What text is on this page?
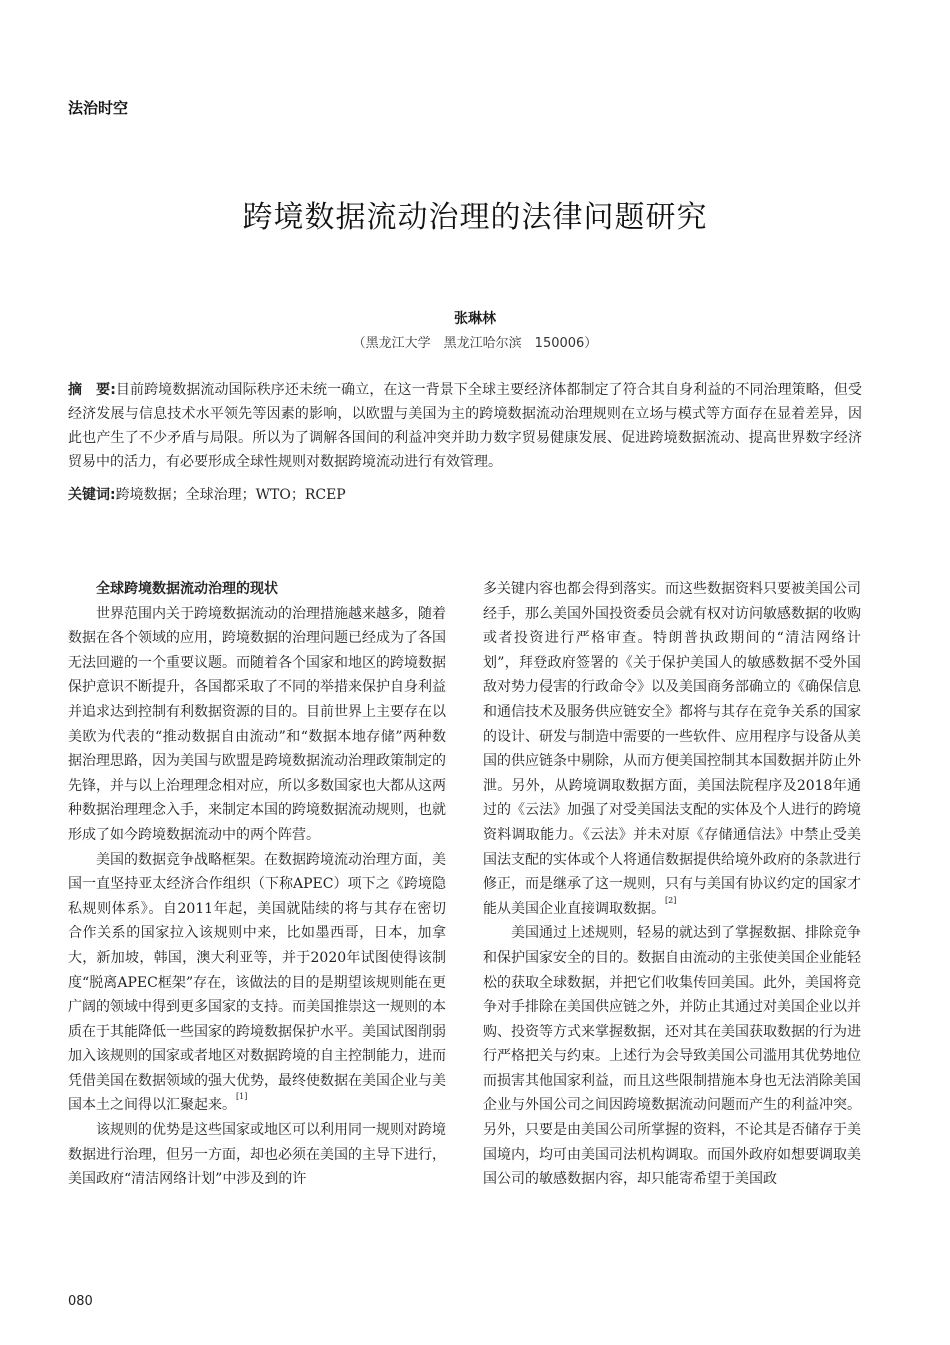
法治时空
跨境数据流动治理的法律问题研究
张琳林
（黑龙江大学　黑龙江哈尔滨　150006）
摘　要:目前跨境数据流动国际秩序还未统一确立，在这一背景下全球主要经济体都制定了符合其自身利益的不同治理策略，但受经济发展与信息技术水平领先等因素的影响，以欧盟与美国为主的跨境数据流动治理规则在立场与模式等方面存在显着差异，因此也产生了不少矛盾与局限。所以为了调解各国间的利益冲突并助力数字贸易健康发展、促进跨境数据流动、提高世界数字经济贸易中的活力，有必要形成全球性规则对数据跨境流动进行有效管理。
关键词:跨境数据；全球治理；WTO；RCEP
全球跨境数据流动治理的现状

世界范围内关于跨境数据流动的治理措施越来越多，随着数据在各个领域的应用，跨境数据的治理问题已经成为了各国无法回避的一个重要议题。而随着各个国家和地区的跨境数据保护意识不断提升，各国都采取了不同的举措来保护自身利益并追求达到控制有利数据资源的目的。目前世界上主要存在以美欧为代表的“推动数据自由流动”和“数据本地存储”两种数据治理思路，因为美国与欧盟是跨境数据流动治理政策制定的先锋，并与以上治理理念相对应，所以多数国家也大都从这两种数据治理理念入手，来制定本国的跨境数据流动规则，也就形成了如今跨境数据流动中的两个阵营。

美国的数据竞争战略框架。在数据跨境流动治理方面，美国一直坚持亚太经济合作组织（下称APEC）项下之《跨境隐私规则体系》。自2011年起，美国就陆续的将与其存在密切合作关系的国家拉入该规则中来，比如墨西哥，日本，加拿大，新加坡，韩国，澳大利亚等，并于2020年试图使得该制度“脱离APEC框架”存在，该做法的目的是期望该规则能在更广阔的领域中得到更多国家的支持。而美国推崇这一规则的本质在于其能降低一些国家的跨境数据保护水平。美国试图削弱加入该规则的国家或者地区对数据跨境的自主控制能力，进而凭借美国在数据领域的强大优势，最终使数据在美国企业与美国本土之间得以汇聚起来。[1]

该规则的优势是这些国家或地区可以利用同一规则对跨境数据进行治理，但另一方面，却也必须在美国的主导下进行，美国政府“清洁网络计划”中涉及到的许

多关键内容也都会得到落实。而这些数据资料只要被美国公司经手，那么美国外国投资委员会就有权对访问敏感数据的收购或者投资进行严格审查。特朗普执政期间的“清洁网络计划”，拜登政府签署的《关于保护美国人的敏感数据不受外国敌对势力侵害的行政命令》以及美国商务部确立的《确保信息和通信技术及服务供应链安全》都将与其存在竞争关系的国家的设计、研发与制造中需要的一些软件、应用程序与设备从美国的供应链条中剔除，从而方便美国控制其本国数据并防止外泄。另外，从跨境调取数据方面，美国法院程序及2018年通过的《云法》加强了对受美国法支配的实体及个人进行的跨境资料调取能力。《云法》并未对原《存储通信法》中禁止受美国法支配的实体或个人将通信数据提供给境外政府的条款进行修正，而是继承了这一规则，只有与美国有协议约定的国家才能从美国企业直接调取数据。[2]

美国通过上述规则，轻易的就达到了掌握数据、排除竞争和保护国家安全的目的。数据自由流动的主张使美国企业能轻松的获取全球数据，并把它们收集传回美国。此外，美国将竞争对手排除在美国供应链之外，并防止其通过对美国企业以并购、投资等方式来掌握数据，还对其在美国获取数据的行为进行严格把关与约束。上述行为会导致美国公司滥用其优势地位而损害其他国家利益，而且这些限制措施本身也无法消除美国企业与外国公司之间因跨境数据流动问题而产生的利益冲突。另外，只要是由美国公司所掌握的资料，不论其是否储存于美国境内，均可由美国司法机构调取。而国外政府如想要调取美国公司的敏感数据内容，却只能寄希望于美国政

080
